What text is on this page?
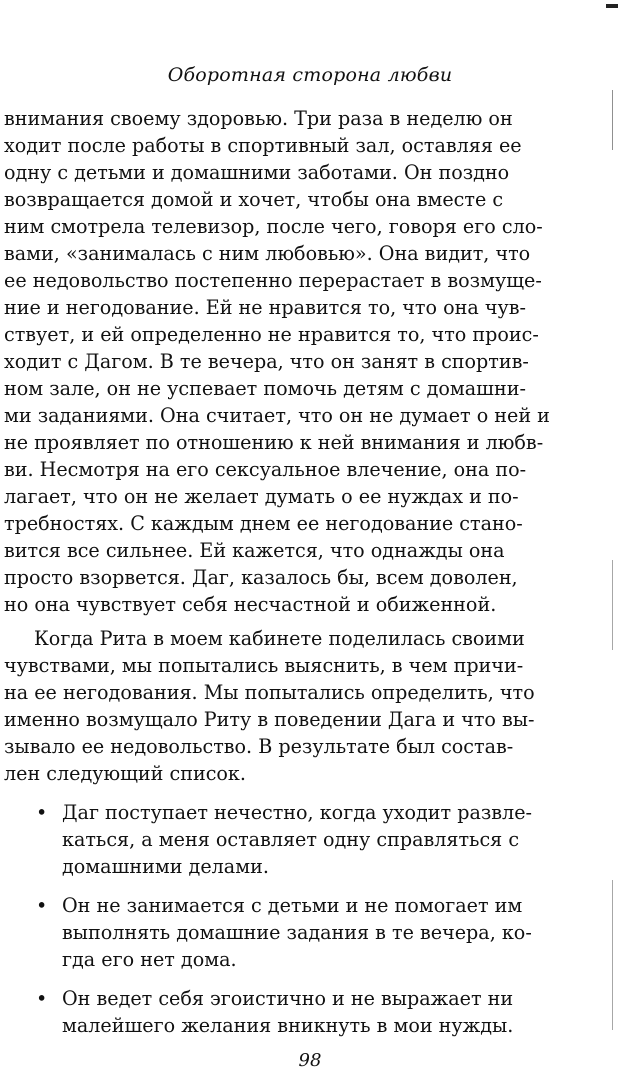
Оборотная сторона любви
внимания своему здоровью. Три раза в неделю он
ходит после работы в спортивный зал, оставляя ее
одну с детьми и домашними заботами. Он поздно
возвращается домой и хочет, чтобы она вместе с
ним смотрела телевизор, после чего, говоря его сло-
вами, «занималась с ним любовью». Она видит, что
ее недовольство постепенно перерастает в возмуще-
ние и негодование. Ей не нравится то, что она чув-
ствует, и ей определенно не нравится то, что проис-
ходит с Дагом. В те вечера, что он занят в спортив-
ном зале, он не успевает помочь детям с домашни-
ми заданиями. Она считает, что он не думает о ней и
не проявляет по отношению к ней внимания и любв-
ви. Несмотря на его сексуальное влечение, она по-
лагает, что он не желает думать о ее нуждах и по-
требностях. С каждым днем ее негодование стано-
вится все сильнее. Ей кажется, что однажды она
просто взорвется. Даг, казалось бы, всем доволен,
но она чувствует себя несчастной и обиженной.
Когда Рита в моем кабинете поделилась своими
чувствами, мы попытались выяснить, в чем причи-
на ее негодования. Мы попытались определить, что
именно возмущало Риту в поведении Дага и что вы-
зывало ее недовольство. В результате был состав-
лен следующий список.
• Даг поступает нечестно, когда уходит развле-
каться, а меня оставляет одну справляться с
домашними делами.
• Он не занимается с детьми и не помогает им
выполнять домашние задания в те вечера, ко-
гда его нет дома.
• Он ведет себя эгоистично и не выражает ни
малейшего желания вникнуть в мои нужды.
98
